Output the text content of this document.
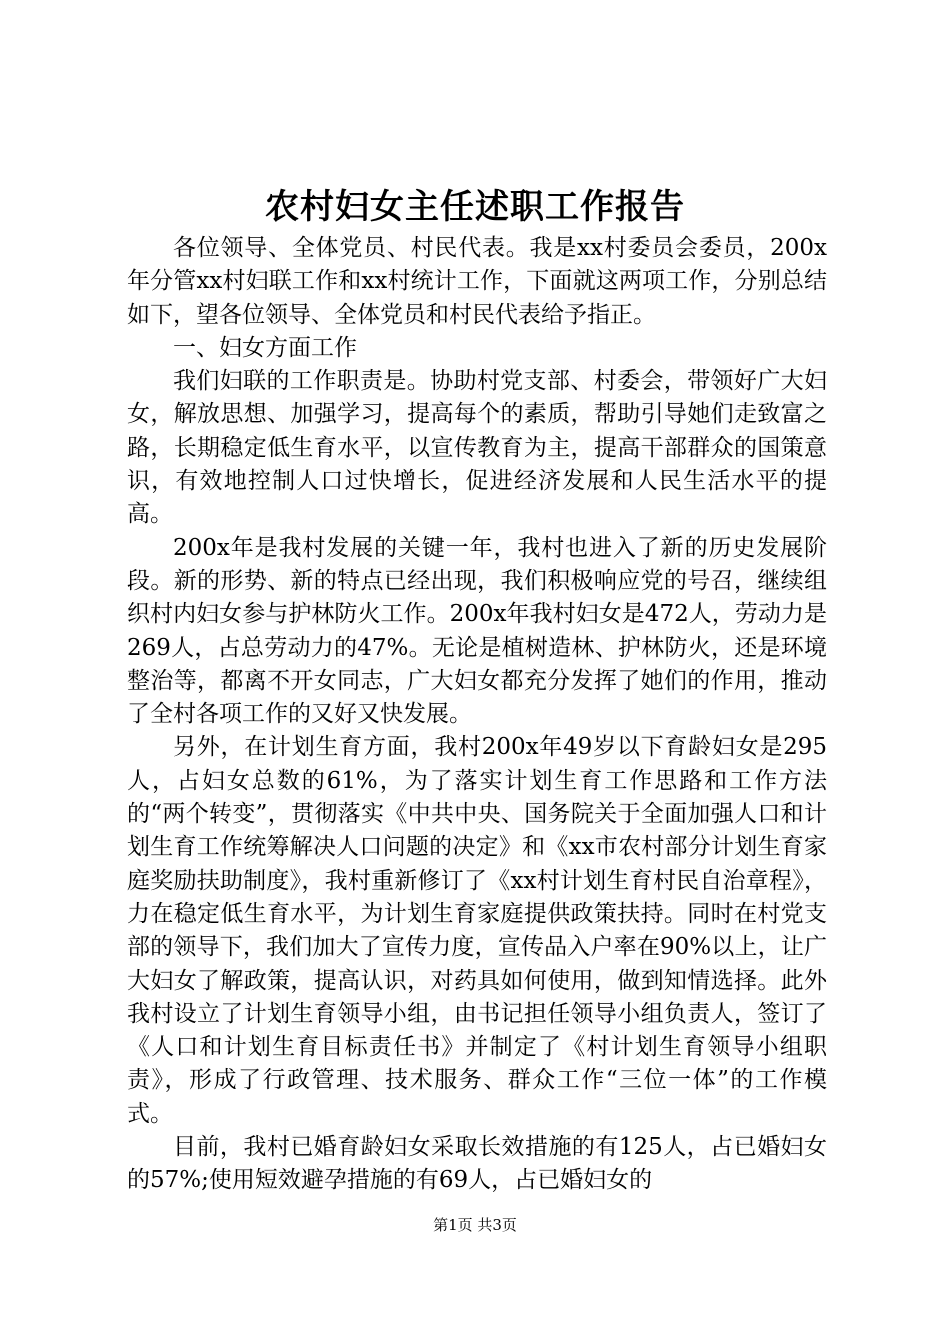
农村妇女主任述职工作报告

各位领导、全体党员、村民代表。我是xx村委员会委员，200x年分管xx村妇联工作和xx村统计工作，下面就这两项工作，分别总结如下，望各位领导、全体党员和村民代表给予指正。

一、妇女方面工作

我们妇联的工作职责是。协助村党支部、村委会，带领好广大妇女，解放思想、加强学习，提高每个的素质，帮助引导她们走致富之路，长期稳定低生育水平，以宣传教育为主，提高干部群众的国策意识，有效地控制人口过快增长，促进经济发展和人民生活水平的提高。

200x年是我村发展的关键一年，我村也进入了新的历史发展阶段。新的形势、新的特点已经出现，我们积极响应党的号召，继续组织村内妇女参与护林防火工作。200x年我村妇女是472人，劳动力是269人，占总劳动力的47%。无论是植树造林、护林防火，还是环境整治等，都离不开女同志，广大妇女都充分发挥了她们的作用，推动了全村各项工作的又好又快发展。

另外，在计划生育方面，我村200x年49岁以下育龄妇女是295人，占妇女总数的61%，为了落实计划生育工作思路和工作方法的“两个转变”，贯彻落实《中共中央、国务院关于全面加强人口和计划生育工作统筹解决人口问题的决定》和《xx市农村部分计划生育家庭奖励扶助制度》，我村重新修订了《xx村计划生育村民自治章程》，力在稳定低生育水平，为计划生育家庭提供政策扶持。同时在村党支部的领导下，我们加大了宣传力度，宣传品入户率在90%以上，让广大妇女了解政策，提高认识，对药具如何使用，做到知情选择。此外我村设立了计划生育领导小组，由书记担任领导小组负责人，签订了《人口和计划生育目标责任书》并制定了《村计划生育领导小组职责》，形成了行政管理、技术服务、群众工作“三位一体”的工作模式。

目前，我村已婚育龄妇女采取长效措施的有125人，占已婚妇女的57%;使用短效避孕措施的有69人，占已婚妇女的

第1页 共3页
